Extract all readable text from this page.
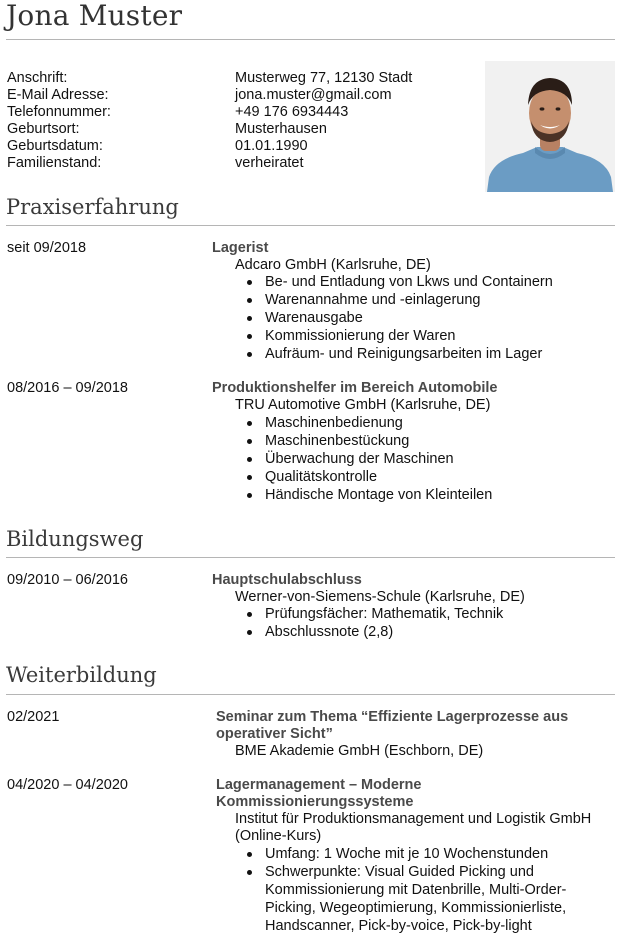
Jona Muster
Anschrift:	Musterweg 77, 12130 Stadt
E-Mail Adresse:	jona.muster@gmail.com
Telefonnummer:	+49 176 6934443
Geburtsort:	Musterhausen
Geburtsdatum:	01.01.1990
Familienstand:	verheiratet
Praxiserfahrung
seit 09/2018	Lagerist
Adcaro GmbH (Karlsruhe, DE)
Be- und Entladung von Lkws und Containern
Warenannahme und -einlagerung
Warenausgabe
Kommissionierung der Waren
Aufräum- und Reinigungsarbeiten im Lager
08/2016 – 09/2018	Produktionshelfer im Bereich Automobile
TRU Automotive GmbH (Karlsruhe, DE)
Maschinenbedienung
Maschinenbestückung
Überwachung der Maschinen
Qualitätskontrolle
Händische Montage von Kleinteilen
Bildungsweg
09/2010 – 06/2016	Hauptschulabschluss
Werner-von-Siemens-Schule (Karlsruhe, DE)
Prüfungsfächer: Mathematik, Technik
Abschlussnote (2,8)
Weiterbildung
02/2021	Seminar zum Thema “Effiziente Lagerprozesse aus
operativer Sicht”
BME Akademie GmbH (Eschborn, DE)
04/2020 – 04/2020	Lagermanagement – Moderne
Kommissionierungssysteme
Institut für Produktionsmanagement und Logistik GmbH
(Online-Kurs)
Umfang: 1 Woche mit je 10 Wochenstunden
Schwerpunkte: Visual Guided Picking und Kommissionierung mit Datenbrille, Multi-Order-Picking, Wegeoptimierung, Kommissionierliste, Handscanner, Pick-by-voice, Pick-by-light
